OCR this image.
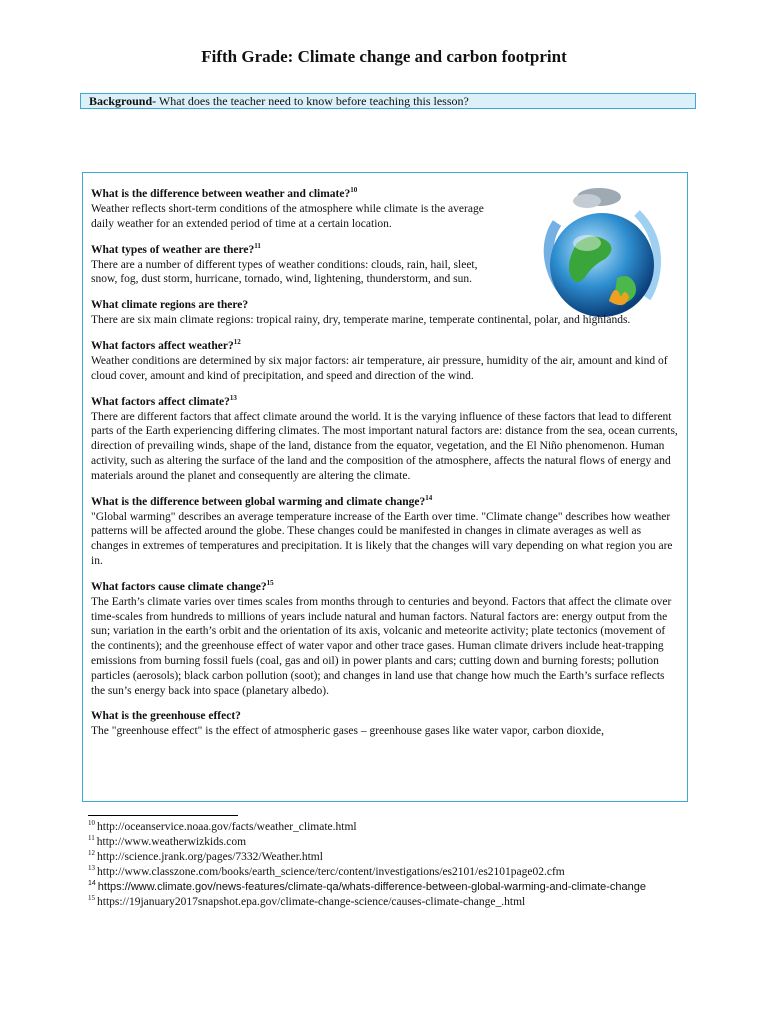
Fifth Grade: Climate change and carbon footprint
Background- What does the teacher need to know before teaching this lesson?
What is the difference between weather and climate?$^{10}$

Weather reflects short-term conditions of the atmosphere while climate is the average daily weather for an extended period of time at a certain location.

What types of weather are there?$^{11}$

There are a number of different types of weather conditions: clouds, rain, hail, sleet, snow, fog, dust storm, hurricane, tornado, wind, lightening, thunderstorm, and sun.

What climate regions are there?

There are six main climate regions: tropical rainy, dry, temperate marine, temperate continental, polar, and highlands.

What factors affect weather?$^{12}$

Weather conditions are determined by six major factors: air temperature, air pressure, humidity of the air, amount and kind of cloud cover, amount and kind of precipitation, and speed and direction of the wind.

What factors affect climate?$^{13}$

There are different factors that affect climate around the world. It is the varying influence of these factors that lead to different parts of the Earth experiencing differing climates. The most important natural factors are: distance from the sea, ocean currents, direction of prevailing winds, shape of the land, distance from the equator, vegetation, and the El Niño phenomenon. Human activity, such as altering the surface of the land and the composition of the atmosphere, affects the natural flows of energy and materials around the planet and consequently are altering the climate.

What is the difference between global warming and climate change?$^{14}$

"Global warming" describes an average temperature increase of the Earth over time. "Climate change" describes how weather patterns will be affected around the globe. These changes could be manifested in changes in climate averages as well as changes in extremes of temperatures and precipitation. It is likely that the changes will vary depending on what region you are in.

What factors cause climate change?$^{15}$

The Earth’s climate varies over times scales from months through to centuries and beyond. Factors that affect the climate over time-scales from hundreds to millions of years include natural and human factors. Natural factors are: energy output from the sun; variation in the earth’s orbit and the orientation of its axis, volcanic and meteorite activity; plate tectonics (movement of the continents); and the greenhouse effect of water vapor and other trace gases. Human climate drivers include heat-trapping emissions from burning fossil fuels (coal, gas and oil) in power plants and cars; cutting down and burning forests; pollution particles (aerosols); black carbon pollution (soot); and changes in land use that change how much the Earth’s surface reflects the sun’s energy back into space (planetary albedo).

What is the greenhouse effect?

The "greenhouse effect" is the effect of atmospheric gases – greenhouse gases like water vapor, carbon dioxide,

$^{10}$ http://oceanservice.noaa.gov/facts/weather_climate.html

$^{11}$ http://www.weatherwizkids.com

$^{12}$ http://science.jrank.org/pages/7332/Weather.html

$^{13}$ http://www.classzone.com/books/earth_science/terc/content/investigations/es2101/es2101page02.cfm

$^{14}$ https://www.climate.gov/news-features/climate-qa/whats-difference-between-global-warming-and-climate-change

$^{15}$ https://19january2017snapshot.epa.gov/climate-change-science/causes-climate-change_.html
